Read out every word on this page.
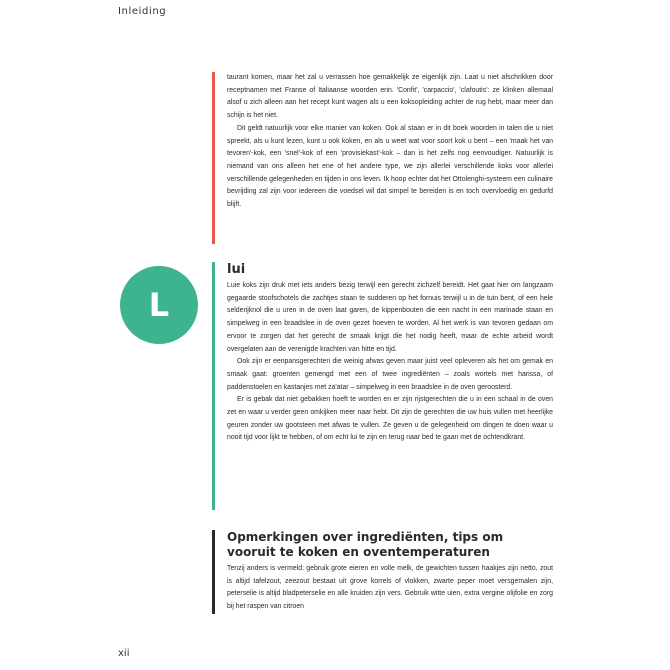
Inleiding

taurant komen, maar het zal u verrassen hoe gemakkelijk ze eigenlijk zijn. Laat u niet afschrikken door receptnamen met Franse of Italiaanse woorden erin. 'Confit', 'carpaccio', 'clafoutis': ze klinken allemaal alsof u zich alleen aan het recept kunt wagen als u een koksopleiding achter de rug hebt, maar meer dan schijn is het niet.

Dit geldt natuurlijk voor elke manier van koken. Ook al staan er in dit boek woorden in talen die u niet spreekt, als u kunt lezen, kunt u ook koken, en als u weet wat voor soort kok u bent – een 'maak het van tevoren'-kok, een 'snel'-kok of een 'provisiekast'-kok – dan is het zelfs nog eenvoudiger. Natuurlijk is niemand van ons alleen het ene of het andere type, we zijn allerlei verschillende koks voor allerlei verschillende gelegenheden en tijden in ons leven. Ik hoop echter dat het Ottolenghi-systeem een culinaire bevrijding zal zijn voor iedereen die voedsel wil dat simpel te bereiden is en toch overvloedig en gedurfd blijft.

L
lui

Luie koks zijn druk met iets anders bezig terwijl een gerecht zichzelf bereidt. Het gaat hier om langzaam gegaarde stoofschotels die zachtjes staan te sudderen op het fornuis terwijl u in de tuin bent, of een hele selderijknol die u uren in de oven laat garen, de kippenbouten die een nacht in een marinade staan en simpelweg in een braadslee in de oven gezet hoeven te worden. Al het werk is van tevoren gedaan om ervoor te zorgen dat het gerecht de smaak krijgt die het nodig heeft, maar de echte arbeid wordt overgelaten aan de verenigde krachten van hitte en tijd.

Ook zijn er eenpansgerechten die weinig afwas geven maar juist veel opleveren als het om gemak en smaak gaat: groenten gemengd met een of twee ingrediënten – zoals wortels met harissa, of paddenstoelen en kastanjes met za'atar – simpelweg in een braadslee in de oven geroosterd.

Er is gebak dat niet gebakken hoeft te worden en er zijn rijstgerechten die u in een schaal in de oven zet en waar u verder geen omkijken meer naar hebt. Dit zijn de gerechten die uw huis vullen met heerlijke geuren zonder uw gootsteen met afwas te vullen. Ze geven u de gelegenheid om dingen te doen waar u nooit tijd voor lijkt te hebben, of om echt lui te zijn en terug naar bed te gaan met de ochtendkrant.

Opmerkingen over ingrediënten, tips om vooruit te koken en oventemperaturen

Tenzij anders is vermeld: gebruik grote eieren en volle melk, de gewichten tussen haakjes zijn netto, zout is altijd tafelzout, zeezout bestaat uit grove korrels of vlokken, zwarte peper moet versgemalen zijn, peterselie is altijd bladpeterselie en alle kruiden zijn vers. Gebruik witte uien, extra vergine olijfolie en zorg bij het raspen van citroen

xii
